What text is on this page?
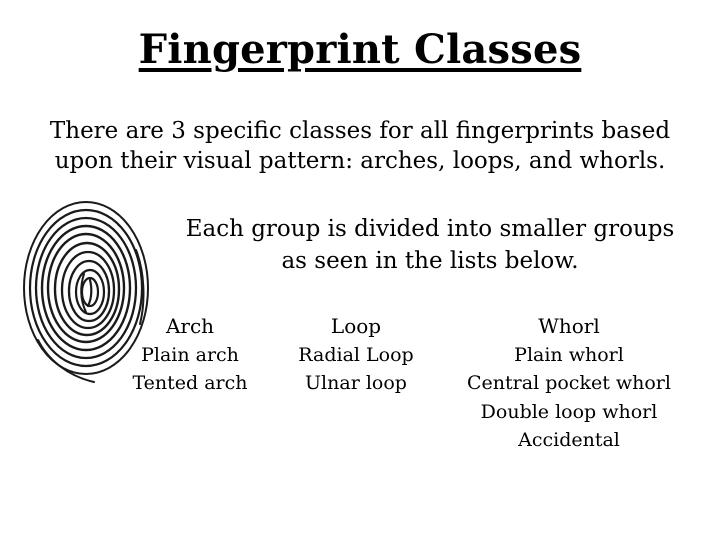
Fingerprint Classes
There are 3 specific classes for all fingerprints based upon their visual pattern: arches, loops, and whorls.
Each group is divided into smaller groups as seen in the lists below.
Arch
Plain arch
Tented arch
Loop
Radial Loop
Ulnar loop
Whorl
Plain whorl
Central pocket whorl
Double loop whorl
Accidental
